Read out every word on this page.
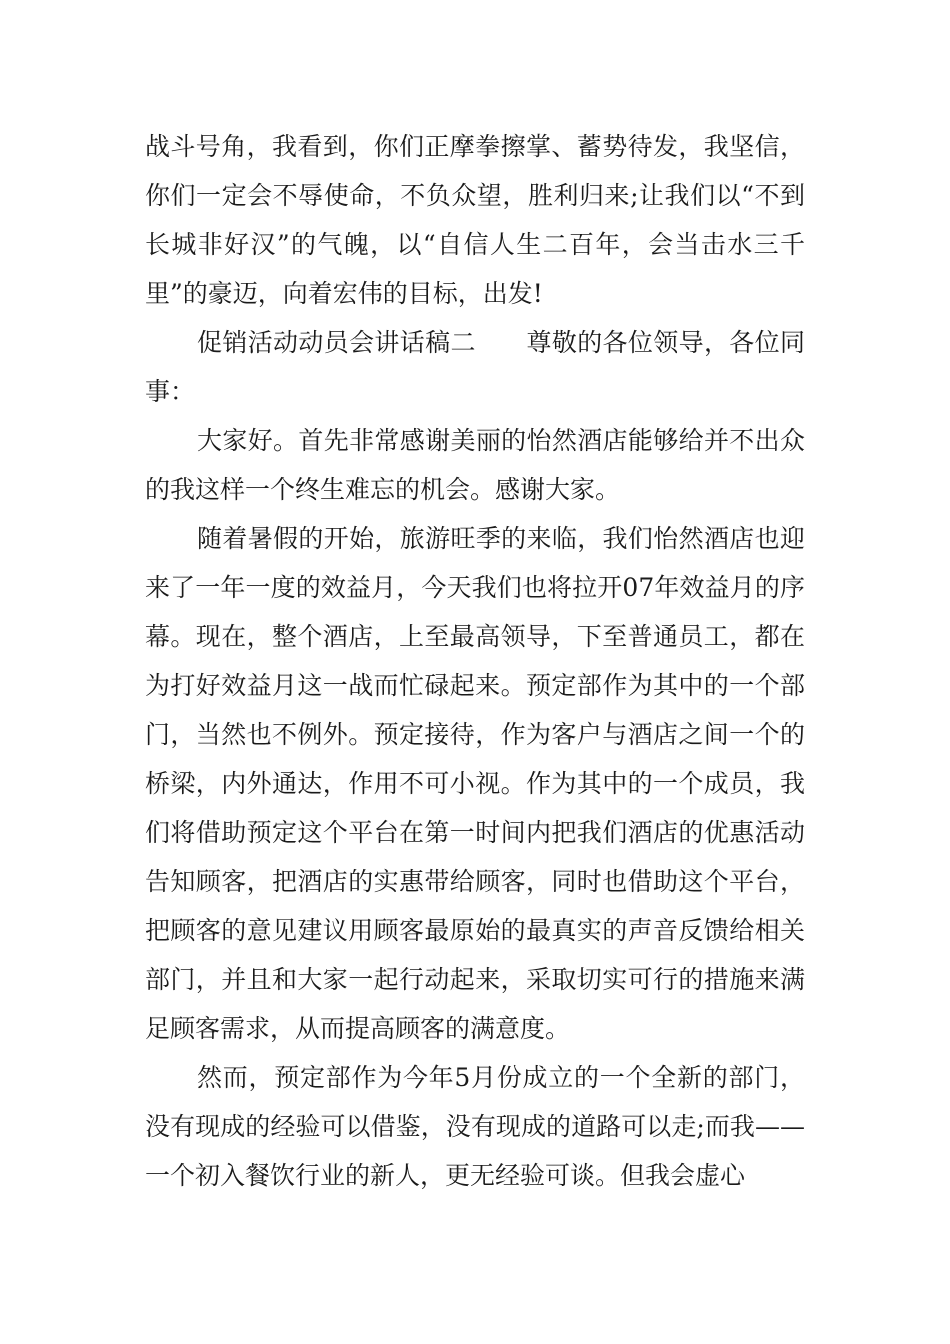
战斗号角，我看到，你们正摩拳擦掌、蓄势待发，我坚信，你们一定会不辱使命，不负众望，胜利归来;让我们以“不到长城非好汉”的气魄，以“自信人生二百年，会当击水三千里”的豪迈，向着宏伟的目标，出发!

促销活动动员会讲话稿二　　尊敬的各位领导，各位同事：

大家好。首先非常感谢美丽的怡然酒店能够给并不出众的我这样一个终生难忘的机会。感谢大家。

随着暑假的开始，旅游旺季的来临，我们怡然酒店也迎来了一年一度的效益月，今天我们也将拉开07年效益月的序幕。现在，整个酒店，上至最高领导，下至普通员工，都在为打好效益月这一战而忙碌起来。预定部作为其中的一个部门，当然也不例外。预定接待，作为客户与酒店之间一个的桥梁，内外通达，作用不可小视。作为其中的一个成员，我们将借助预定这个平台在第一时间内把我们酒店的优惠活动告知顾客，把酒店的实惠带给顾客，同时也借助这个平台，把顾客的意见建议用顾客最原始的最真实的声音反馈给相关部门，并且和大家一起行动起来，采取切实可行的措施来满足顾客需求，从而提高顾客的满意度。

然而，预定部作为今年5月份成立的一个全新的部门，没有现成的经验可以借鉴，没有现成的道路可以走;而我——一个初入餐饮行业的新人，更无经验可谈。但我会虚心
